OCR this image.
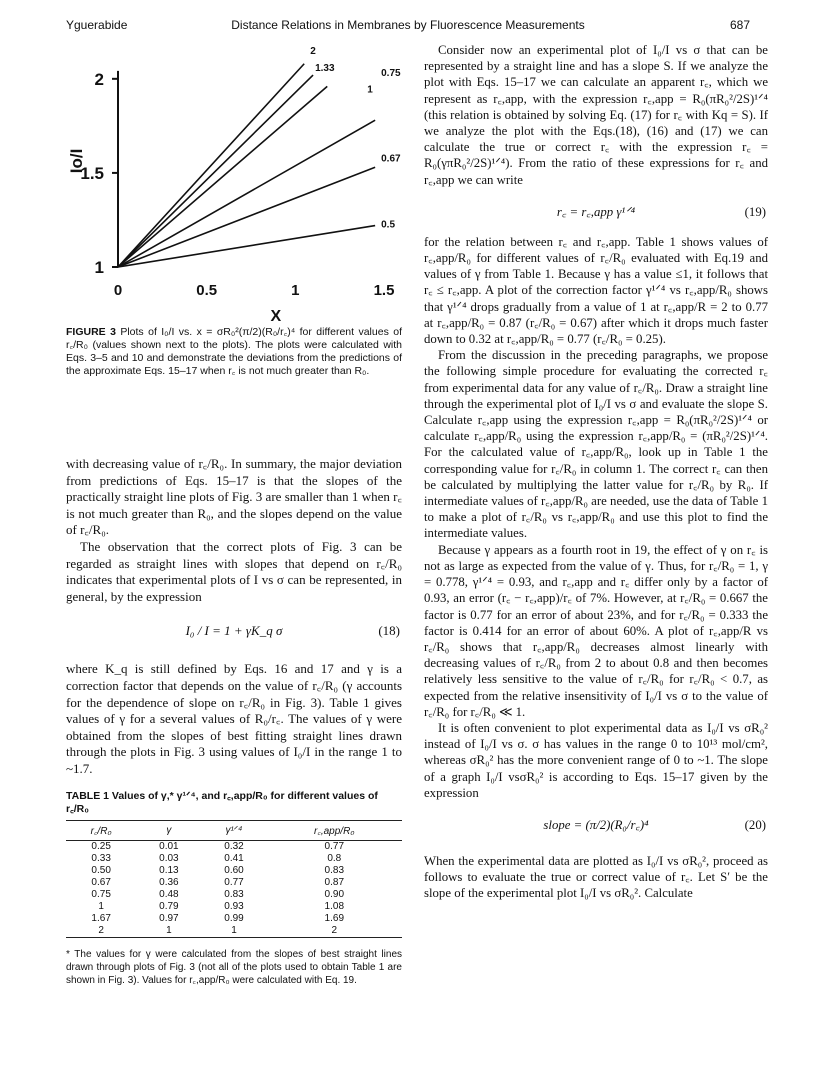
Yguerabide	Distance Relations in Membranes by Fluorescence Measurements	687
1
1.5
2
0	0.5	1	1.5
X
Io/I
2
1.33
1
0.75
0.67
0.5
FIGURE 3 Plots of I₀/I vs. x = σR₀²(π/2)(R₀/r꜀)⁴ for different values of r꜀/R₀ (values shown next to the plots). The plots were calculated with Eqs. 3–5 and 10 and demonstrate the deviations from the predictions of the approximate Eqs. 15–17 when r꜀ is not much greater than R₀.

with decreasing value of r꜀/R₀. In summary, the major deviation from predictions of Eqs. 15–17 is that the slopes of the practically straight line plots of Fig. 3 are smaller than 1 when r꜀ is not much greater than R₀, and the slopes depend on the value of r꜀/R₀.

The observation that the correct plots of Fig. 3 can be regarded as straight lines with slopes that depend on r꜀/R₀ indicates that experimental plots of I vs σ can be represented, in general, by the expression

I₀ / I = 1 + γK_q σ	(18)

where K_q is still defined by Eqs. 16 and 17 and γ is a correction factor that depends on the value of r꜀/R₀ (γ accounts for the dependence of slope on r꜀/R₀ in Fig. 3). Table 1 gives values of γ for a several values of R₀/r꜀. The values of γ were obtained from the slopes of best fitting straight lines drawn through the plots in Fig. 3 using values of I₀/I in the range 1 to ~1.7.

TABLE 1 Values of γ,* γ¹ᐟ⁴, and r꜀,app/R₀ for different values of r꜀/R₀
r꜀/R₀	γ	γ¹ᐟ⁴	r꜀,app/R₀
0.25	0.01	0.32	0.77
0.33	0.03	0.41	0.8
0.50	0.13	0.60	0.83
0.67	0.36	0.77	0.87
0.75	0.48	0.83	0.90
1	0.79	0.93	1.08
1.67	0.97	0.99	1.69
2	1	1	2
* The values for γ were calculated from the slopes of best straight lines drawn through plots of Fig. 3 (not all of the plots used to obtain Table 1 are shown in Fig. 3). Values for r꜀,app/R₀ were calculated with Eq. 19.

Consider now an experimental plot of I₀/I vs σ that can be represented by a straight line and has a slope S. If we analyze the plot with Eqs. 15–17 we can calculate an apparent r꜀, which we represent as r꜀,app, with the expression r꜀,app = R₀(πR₀²/2S)¹ᐟ⁴ (this relation is obtained by solving Eq. (17) for r꜀ with Kq = S). If we analyze the plot with the Eqs.(18), (16) and (17) we can calculate the true or correct r꜀ with the expression r꜀ = R₀(γπR₀²/2S)¹ᐟ⁴). From the ratio of these expressions for r꜀ and r꜀,app we can write

r꜀ = r꜀,app γ¹ᐟ⁴	(19)

for the relation between r꜀ and r꜀,app. Table 1 shows values of r꜀,app/R₀ for different values of r꜀/R₀ evaluated with Eq.19 and values of γ from Table 1. Because γ has a value ≤1, it follows that r꜀ ≤ r꜀,app. A plot of the correction factor γ¹ᐟ⁴ vs r꜀,app/R₀ shows that γ¹ᐟ⁴ drops gradually from a value of 1 at r꜀,app/R = 2 to 0.77 at r꜀,app/R₀ = 0.87 (r꜀/R₀ = 0.67) after which it drops much faster down to 0.32 at r꜀,app/R₀ = 0.77 (r꜀/R₀ = 0.25).

From the discussion in the preceding paragraphs, we propose the following simple procedure for evaluating the corrected r꜀ from experimental data for any value of r꜀/R₀. Draw a straight line through the experimental plot of I₀/I vs σ and evaluate the slope S. Calculate r꜀,app using the expression r꜀,app = R₀(πR₀²/2S)¹ᐟ⁴ or calculate r꜀,app/R₀ using the expression r꜀,app/R₀ = (πR₀²/2S)¹ᐟ⁴. For the calculated value of r꜀,app/R₀, look up in Table 1 the corresponding value for r꜀/R₀ in column 1. The correct r꜀ can then be calculated by multiplying the latter value for r꜀/R₀ by R₀. If intermediate values of r꜀,app/R₀ are needed, use the data of Table 1 to make a plot of r꜀/R₀ vs r꜀,app/R₀ and use this plot to find the intermediate values.

Because γ appears as a fourth root in 19, the effect of γ on r꜀ is not as large as expected from the value of γ. Thus, for r꜀/R₀ = 1, γ = 0.778, γ¹ᐟ⁴ = 0.93, and r꜀,app and r꜀ differ only by a factor of 0.93, an error (r꜀ − r꜀,app)/r꜀ of 7%. However, at r꜀/R₀ = 0.667 the factor is 0.77 for an error of about 23%, and for r꜀/R₀ = 0.333 the factor is 0.414 for an error of about 60%. A plot of r꜀,app/R vs r꜀/R₀ shows that r꜀,app/R₀ decreases almost linearly with decreasing values of r꜀/R₀ from 2 to about 0.8 and then becomes relatively less sensitive to the value of r꜀/R₀ for r꜀/R₀ < 0.7, as expected from the relative insensitivity of I₀/I vs σ to the value of r꜀/R₀ for r꜀/R₀ ≪ 1.

It is often convenient to plot experimental data as I₀/I vs σR₀² instead of I₀/I vs σ. σ has values in the range 0 to 10¹³ mol/cm², whereas σR₀² has the more convenient range of 0 to ~1. The slope of a graph I₀/I vsσR₀² is according to Eqs. 15–17 given by the expression

slope = (π/2)(R₀/r꜀)⁴	(20)

When the experimental data are plotted as I₀/I vs σR₀², proceed as follows to evaluate the true or correct value of r꜀. Let S′ be the slope of the experimental plot I₀/I vs σR₀². Calculate
